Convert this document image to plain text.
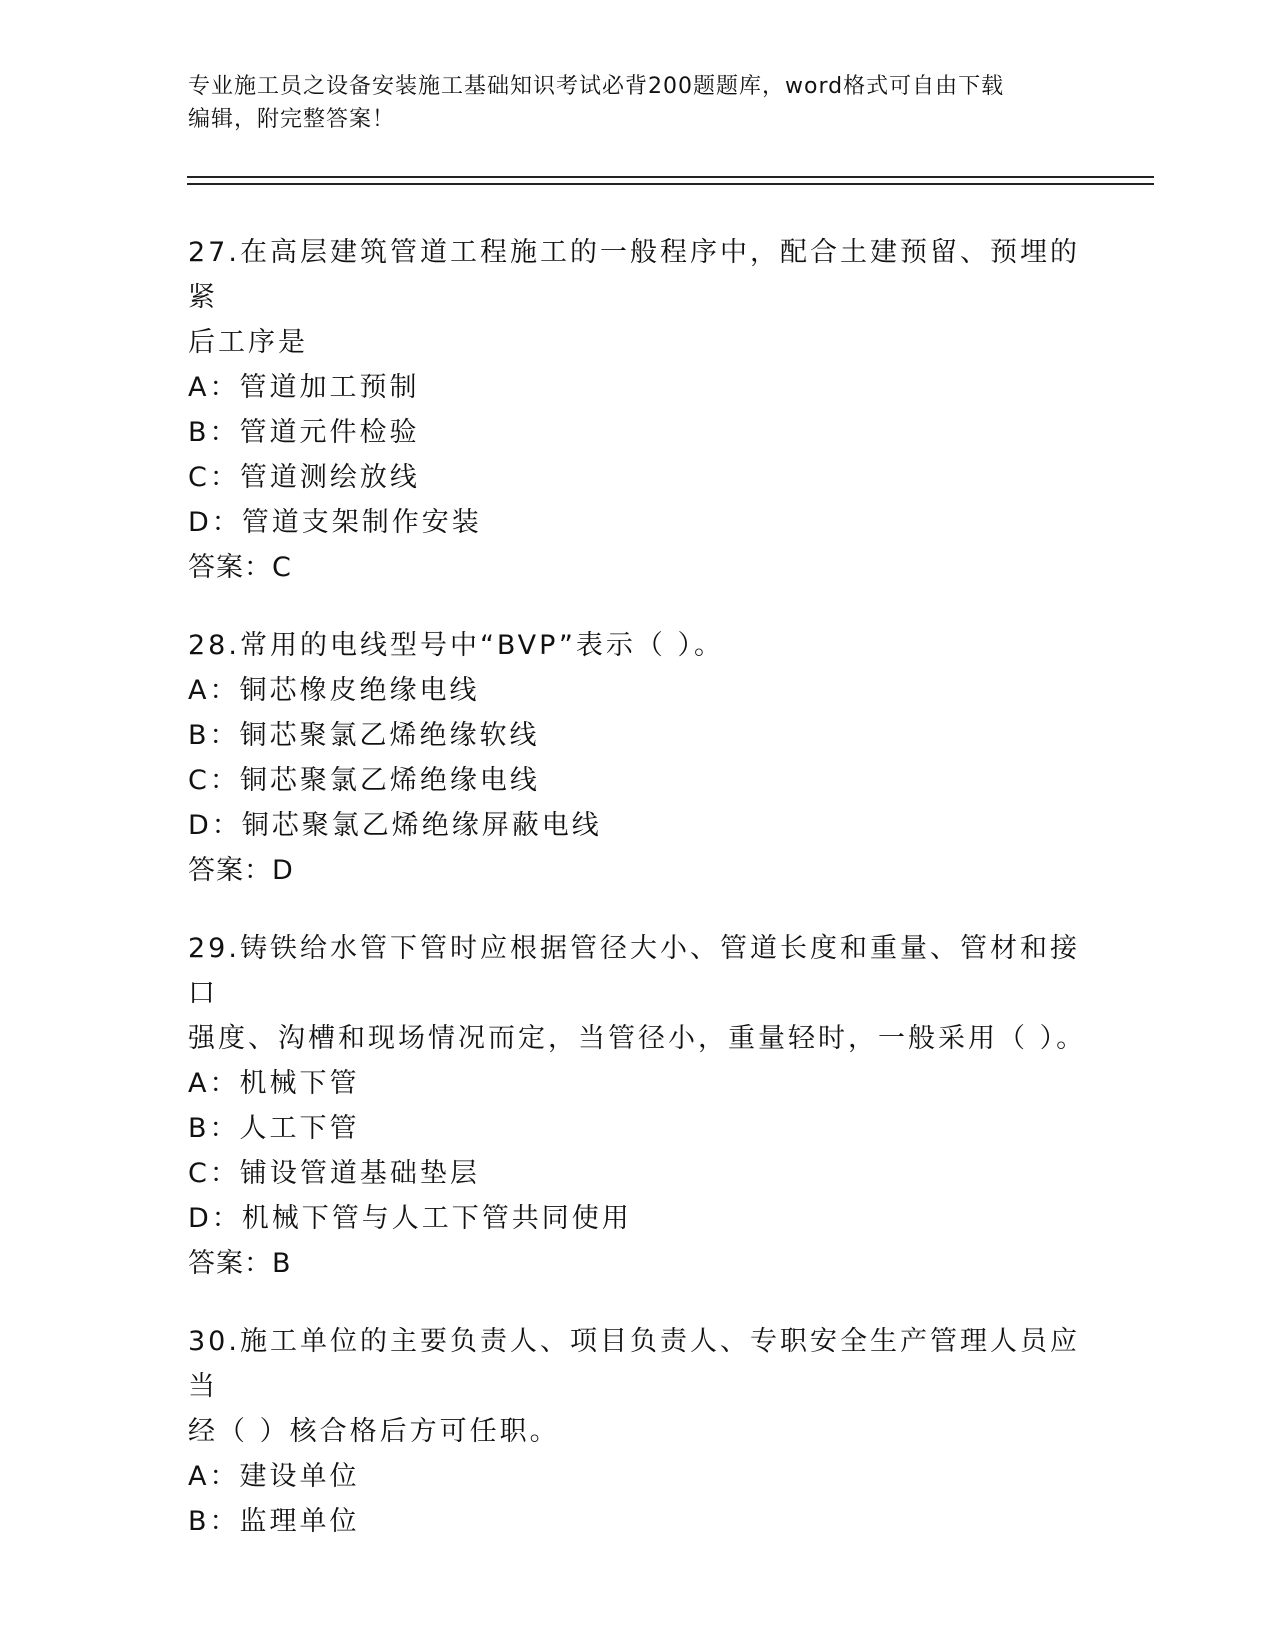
专业施工员之设备安装施工基础知识考试必背200题题库，word格式可自由下载
编辑，附完整答案！
27.在高层建筑管道工程施工的一般程序中，配合土建预留、预埋的紧
后工序是
A：管道加工预制
B：管道元件检验
C：管道测绘放线
D：管道支架制作安装
答案：C
28.常用的电线型号中“BVP”表示（ ）。
A：铜芯橡皮绝缘电线
B：铜芯聚氯乙烯绝缘软线
C：铜芯聚氯乙烯绝缘电线
D：铜芯聚氯乙烯绝缘屏蔽电线
答案：D
29.铸铁给水管下管时应根据管径大小、管道长度和重量、管材和接口
强度、沟槽和现场情况而定，当管径小，重量轻时，一般采用（ ）。
A：机械下管
B：人工下管
C：铺设管道基础垫层
D：机械下管与人工下管共同使用
答案：B
30.施工单位的主要负责人、项目负责人、专职安全生产管理人员应当
经（ ）核合格后方可任职。
A：建设单位
B：监理单位
